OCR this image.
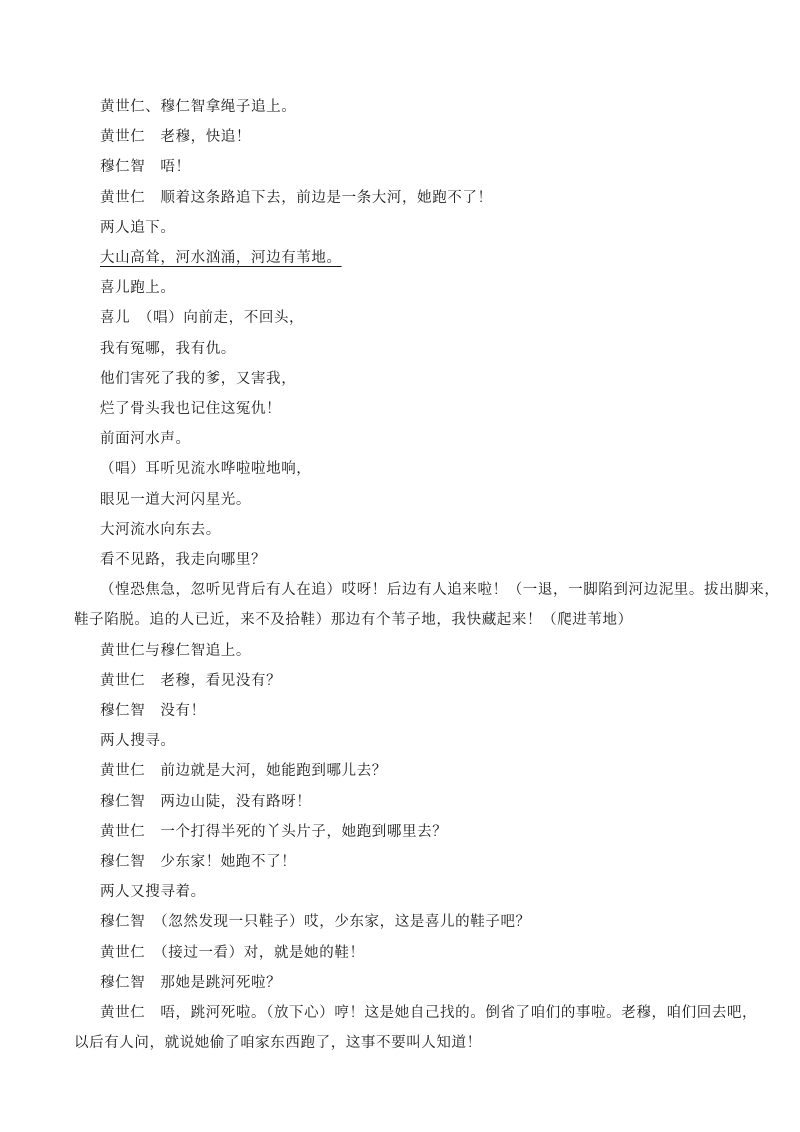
黄世仁、穆仁智拿绳子追上。
黄世仁　老穆，快追！
穆仁智　唔！
黄世仁　顺着这条路追下去，前边是一条大河，她跑不了！
两人追下。
大山高耸，河水汹涌，河边有苇地。
喜儿跑上。
喜儿　（唱）向前走，不回头，
我有冤哪，我有仇。
他们害死了我的爹，又害我，
烂了骨头我也记住这冤仇！
前面河水声。
（唱）耳听见流水哗啦啦地响，
眼见一道大河闪星光。
大河流水向东去。
看不见路，我走向哪里？
（惶恐焦急，忽听见背后有人在追）哎呀！后边有人追来啦！（一退，一脚陷到河边泥里。拔出脚来，
鞋子陷脱。追的人已近，来不及拾鞋）那边有个苇子地，我快藏起来！（爬进苇地）
黄世仁与穆仁智追上。
黄世仁　老穆，看见没有？
穆仁智　没有！
两人搜寻。
黄世仁　前边就是大河，她能跑到哪儿去？
穆仁智　两边山陡，没有路呀！
黄世仁　一个打得半死的丫头片子，她跑到哪里去？
穆仁智　少东家！她跑不了！
两人又搜寻着。
穆仁智　（忽然发现一只鞋子）哎，少东家，这是喜儿的鞋子吧？
黄世仁　（接过一看）对，就是她的鞋！
穆仁智　那她是跳河死啦？
黄世仁　唔，跳河死啦。（放下心）哼！这是她自己找的。倒省了咱们的事啦。老穆，咱们回去吧，
以后有人问，就说她偷了咱家东西跑了，这事不要叫人知道！
